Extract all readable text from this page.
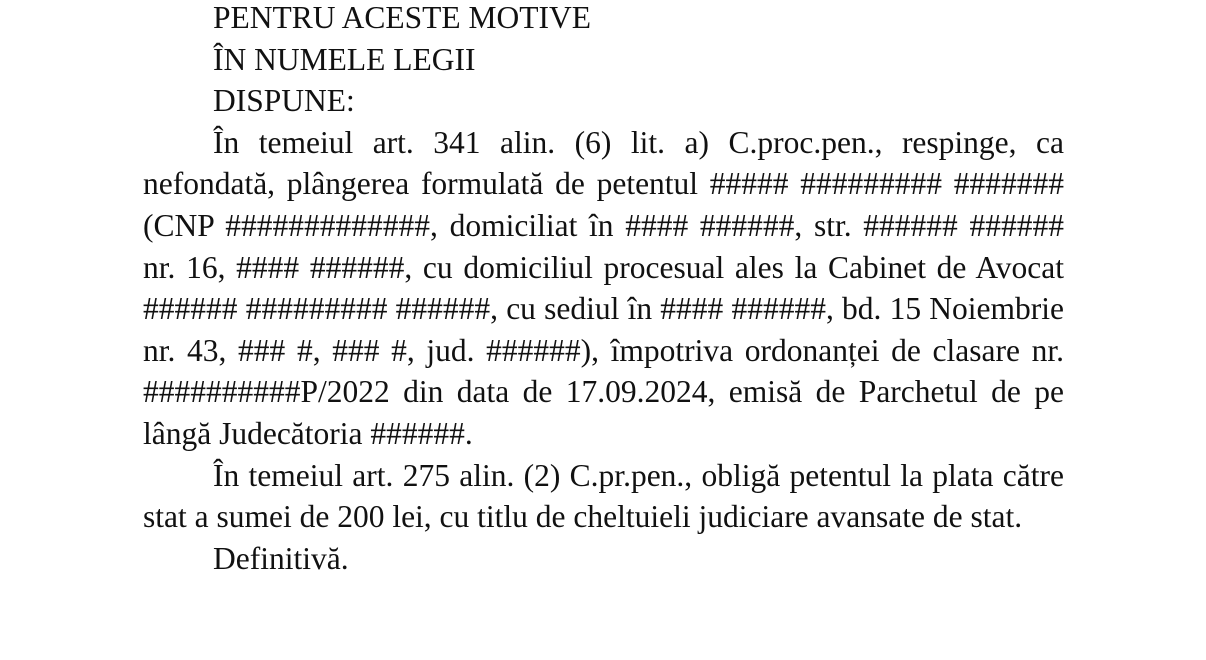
PENTRU ACESTE MOTIVE

ÎN NUMELE LEGII

DISPUNE:

În temeiul art. 341 alin. (6) lit. a) C.proc.pen., respinge, ca nefondată, plângerea formulată de petentul ##### ######### ####### (CNP #############, domiciliat în #### ######, str. ###### ###### nr. 16, #### ######, cu domiciliul procesual ales la Cabinet de Avocat ###### ######### ######, cu sediul în #### ######, bd. 15 Noiembrie nr. 43, ### #, ### #, jud. ######), împotriva ordonanței de clasare nr. ##########P/2022 din data de 17.09.2024, emisă de Parchetul de pe lângă Judecătoria ######.

În temeiul art. 275 alin. (2) C.pr.pen., obligă petentul la plata către stat a sumei de 200 lei, cu titlu de cheltuieli judiciare avansate de stat.

Definitivă.
